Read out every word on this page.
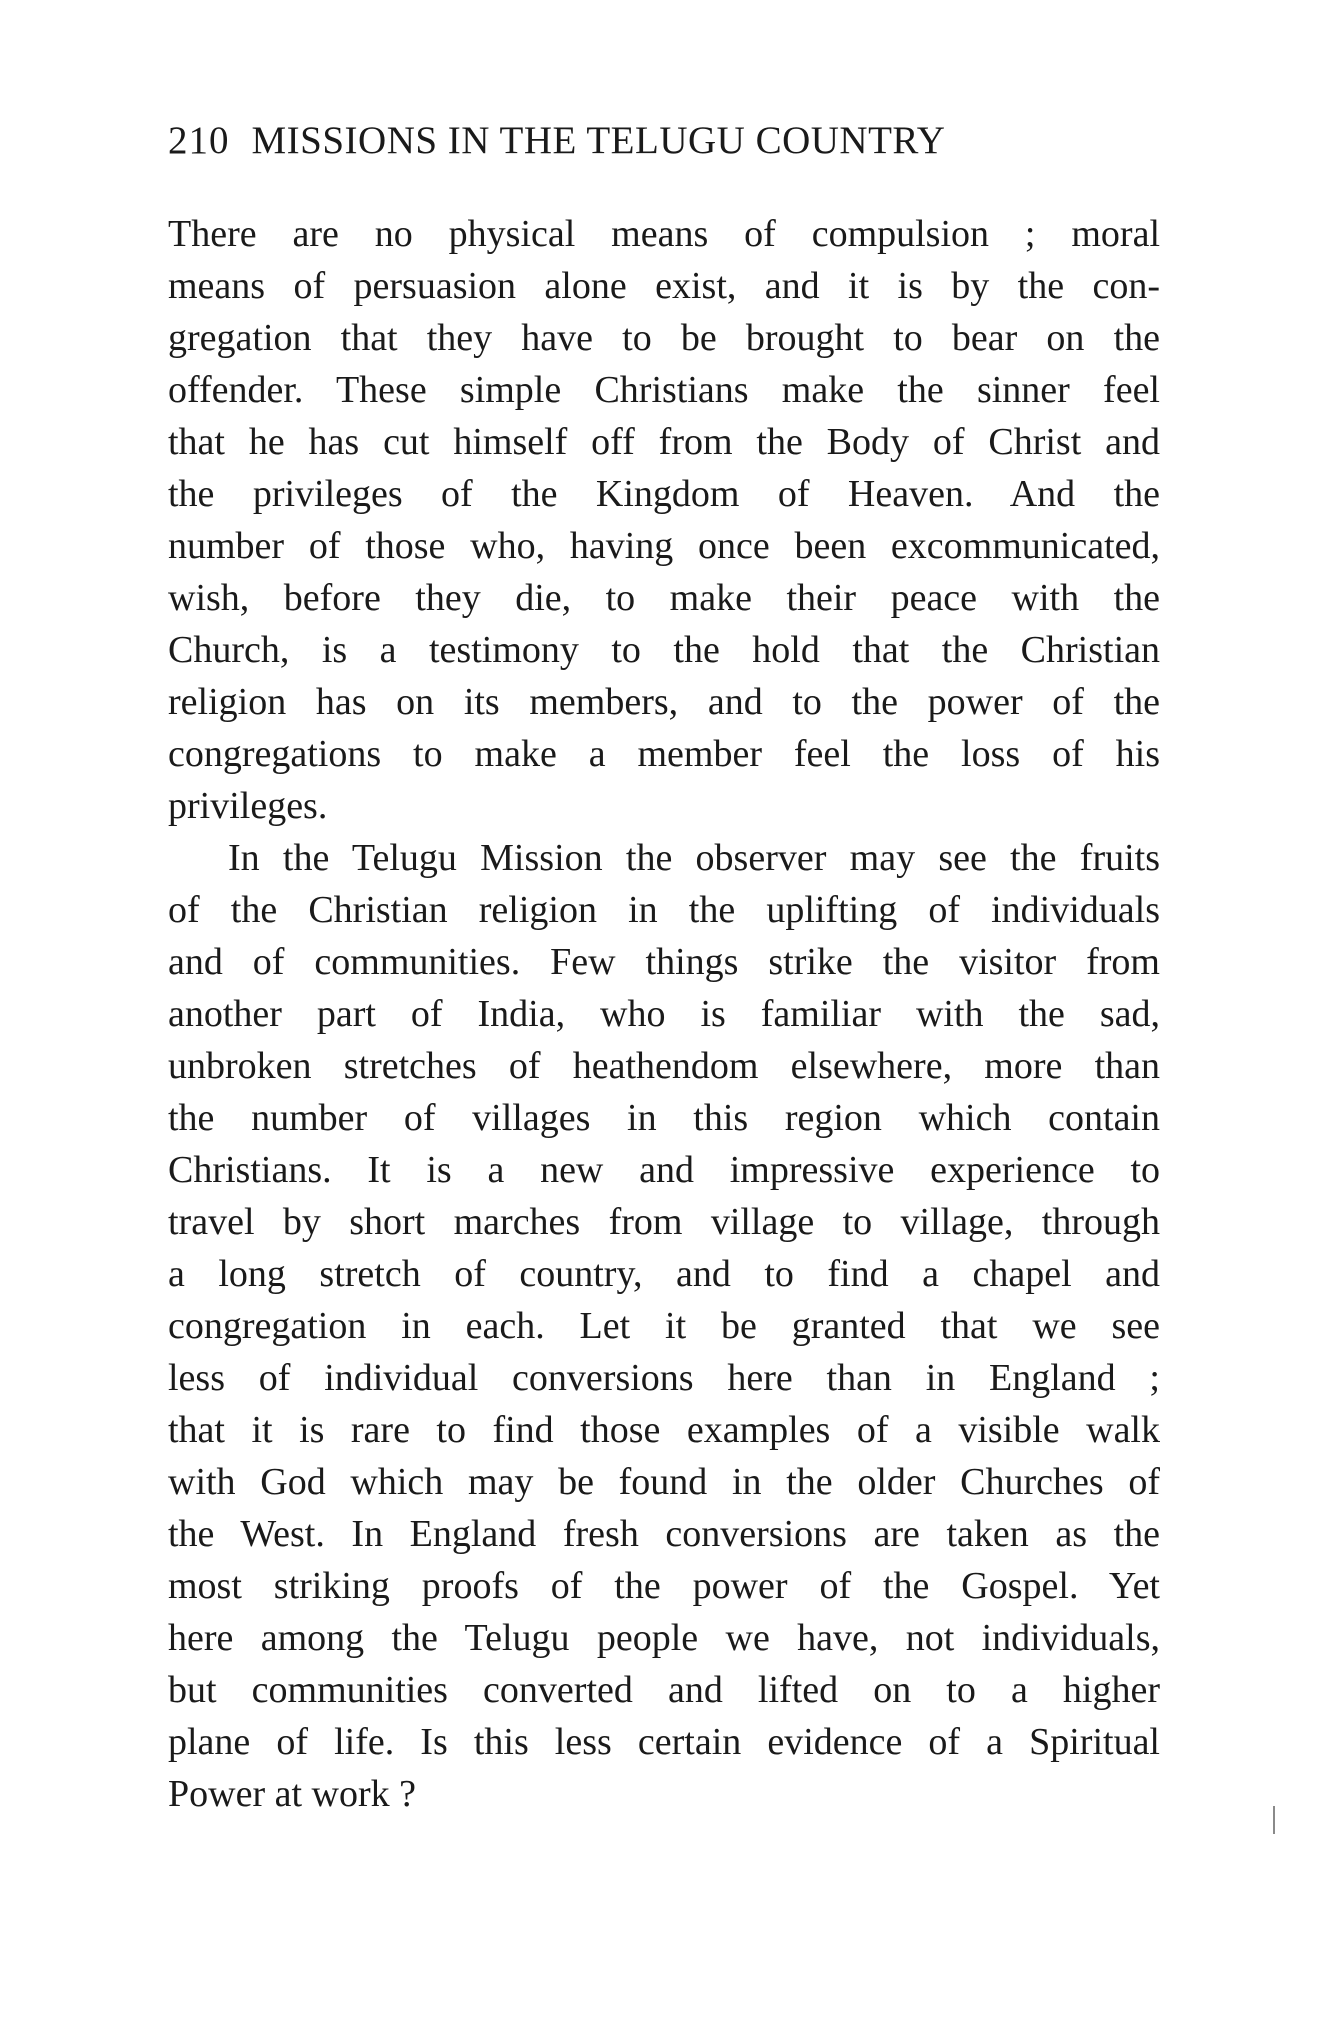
210 MISSIONS IN THE TELUGU COUNTRY
There are no physical means of compulsion ; moral
means of persuasion alone exist, and it is by the con-
gregation that they have to be brought to bear on the
offender. These simple Christians make the sinner feel
that he has cut himself off from the Body of Christ and
the privileges of the Kingdom of Heaven. And the
number of those who, having once been excommunicated,
wish, before they die, to make their peace with the
Church, is a testimony to the hold that the Christian
religion has on its members, and to the power of the
congregations to make a member feel the loss of his
privileges.
In the Telugu Mission the observer may see the fruits
of the Christian religion in the uplifting of individuals
and of communities. Few things strike the visitor from
another part of India, who is familiar with the sad,
unbroken stretches of heathendom elsewhere, more than
the number of villages in this region which contain
Christians. It is a new and impressive experience to
travel by short marches from village to village, through
a long stretch of country, and to find a chapel and
congregation in each. Let it be granted that we see
less of individual conversions here than in England ;
that it is rare to find those examples of a visible walk
with God which may be found in the older Churches of
the West. In England fresh conversions are taken as the
most striking proofs of the power of the Gospel. Yet
here among the Telugu people we have, not individuals,
but communities converted and lifted on to a higher
plane of life. Is this less certain evidence of a Spiritual
Power at work ?
